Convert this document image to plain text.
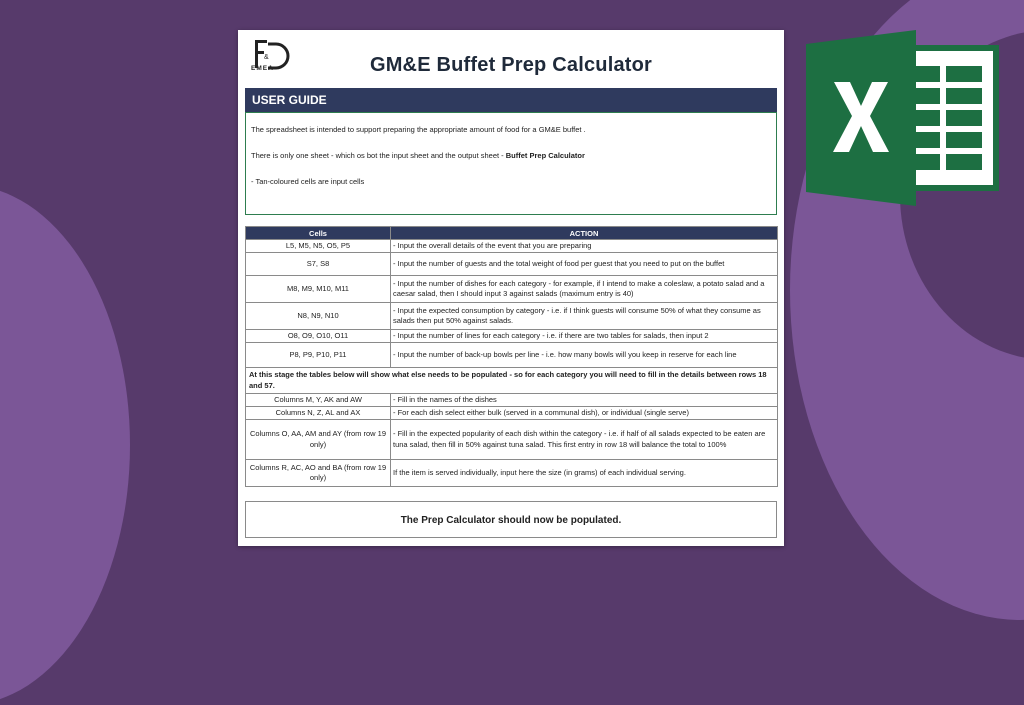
&
EMEA	GM&E Buffet Prep Calculator
USER GUIDE

The spreadsheet is intended to support preparing the appropriate amount of food for a GM&E buffet .

There is only one sheet - which os bot the input sheet and the output sheet - Buffet Prep Calculator

- Tan-coloured cells are input cells

Cells	ACTION
L5, M5, N5, O5, P5	- Input the overall details of the event that you are preparing
S7, S8	- Input the number of guests and the total weight of food per guest that you need to put on the buffet
M8, M9, M10, M11	- Input the number of dishes for each category - for example, if I intend to make a coleslaw, a potato salad and a caesar salad, then I should input 3 against salads (maximum entry is 40)
N8, N9, N10	- Input the expected consumption by category - i.e. if I think guests will consume 50% of what they consume as salads then put 50% against salads.
O8, O9, O10, O11	- Input the number of lines for each category - i.e. if there are two tables for salads, then input 2
P8, P9, P10, P11	- Input the number of back-up bowls per line - i.e. how many bowls will you keep in reserve for each line
At this stage the tables below will show what else needs to be populated - so for each category you will need to fill in the details between rows 18 and 57.	
Columns M, Y, AK and AW	- Fill in the names of the dishes
Columns N, Z, AL and AX	- For each dish select either bulk (served in a communal dish), or individual (single serve)
Columns O, AA, AM and AY (from row 19 only)	- Fill in the expected popularity of each dish within the category - i.e. if half of all salads expected to be eaten are tuna salad, then fill in 50% against tuna salad. This first entry in row 18 will balance the total to 100%
Columns R, AC, AO and BA (from row 19 only)	If the item is served individually, input here the size (in grams) of each individual serving.
The Prep Calculator should now be populated.
